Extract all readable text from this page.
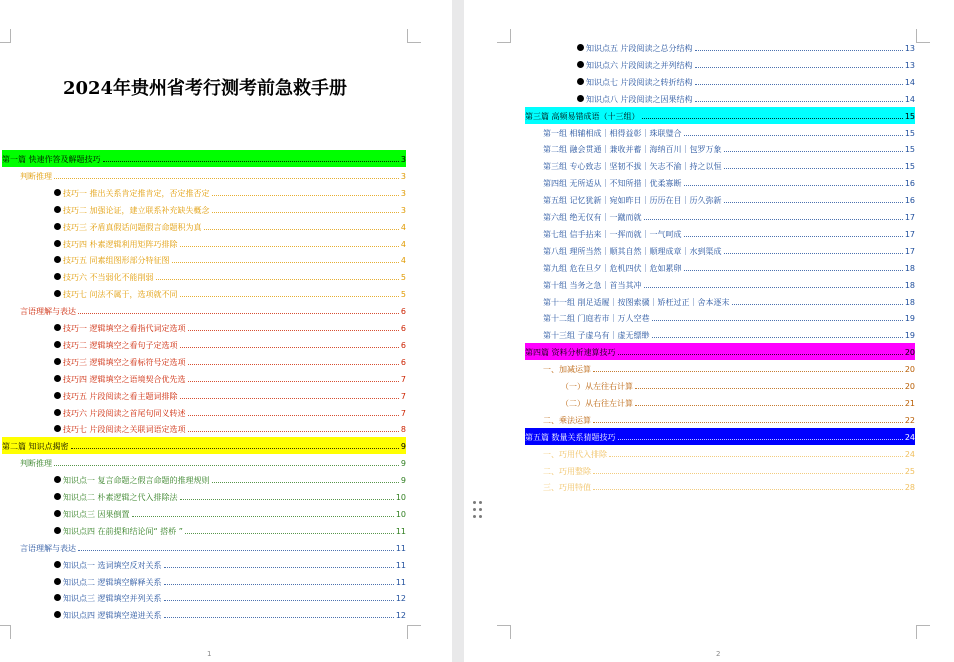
2024年贵州省考行测考前急救手册
第一篇 快速作答及解题技巧	3
判断推理	3
技巧一 推出关系肯定推肯定，否定推否定	3
技巧二 加强论证，建立联系补充缺失概念	3
技巧三 矛盾真假话问题假言命题积为真	4
技巧四 朴素逻辑利用矩阵巧排除	4
技巧五 同素组图形部分特征图	4
技巧六 不当弱化不能削弱	5
技巧七 问法不属于，选项就不同	5
言语理解与表达	6
技巧一 逻辑填空之看指代词定选项	6
技巧二 逻辑填空之看句子定选项	6
技巧三 逻辑填空之看标符号定选项	6
技巧四 逻辑填空之语境契合优先选	7
技巧五 片段阅读之看主题词排除	7
技巧六 片段阅读之首尾句同义转述	7
技巧七 片段阅读之关联词语定选项	8
第二篇 知识点揭密	9
判断推理	9
知识点一 复言命题之假言命题的推理规则	9
知识点二 朴素逻辑之代入排除法	10
知识点三 因果倒置	10
知识点四 在前提和结论间“ 搭桥 ”	11
言语理解与表达	11
知识点一 选词填空反对关系	11
知识点二 逻辑填空解释关系	11
知识点三 逻辑填空并列关系	12
知识点四 逻辑填空递进关系	12
1
知识点五 片段阅读之总分结构	13
知识点六 片段阅读之并列结构	13
知识点七 片段阅读之转折结构	14
知识点八 片段阅读之因果结构	14
第三篇 高频易错成语（十三组）	15
第一组 相辅相成｜相得益彰｜珠联璧合	15
第二组 融会贯通｜兼收并蓄｜海纳百川｜包罗万象	15
第三组 专心致志｜坚韧不拔｜矢志不渝｜持之以恒	15
第四组 无所适从｜不知所措｜优柔寡断	16
第五组 记忆犹新｜宛如昨日｜历历在目｜历久弥新	16
第六组 绝无仅有｜一蹴而就	17
第七组 信手拈来｜一挥而就｜一气呵成	17
第八组 理所当然｜顺其自然｜顺理成章｜水到渠成	17
第九组 危在旦夕｜危机四伏｜危如累卵	18
第十组 当务之急｜首当其冲	18
第十一组 削足适履｜按图索骥｜矫枉过正｜舍本逐末	18
第十二组 门庭若市｜万人空巷	19
第十三组 子虚乌有｜虚无缥缈	19
第四篇 资料分析速算技巧	20
一、加减运算	20
（一）从左往右计算	20
（二）从右往左计算	21
二、乘法运算	22
第五篇 数量关系猜题技巧	24
一、巧用代入排除	24
二、巧用整除	25
三、巧用特值	28
2
